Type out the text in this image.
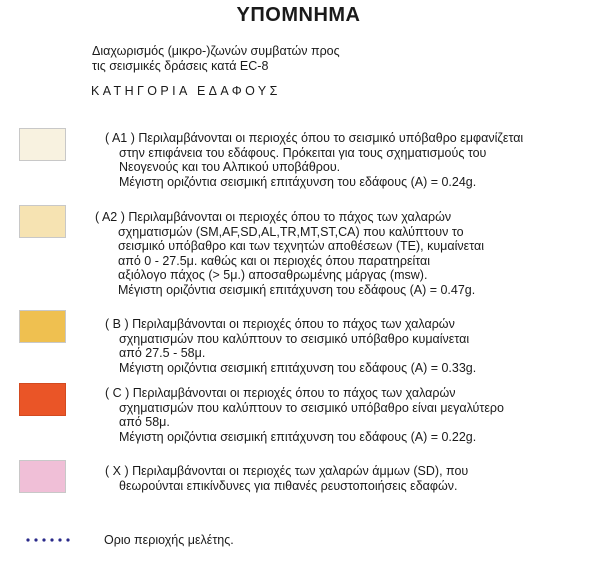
ΥΠΟΜΝΗΜΑ
Διαχωρισμός (μικρο-)ζωνών συμβατών προς
τις σεισμικές δράσεις κατά EC-8
ΚΑΤΗΓΟΡΙΑ ΕΔΑΦΟΥΣ
( Α1 ) Περιλαμβάνονται οι περιοχές όπου το σεισμικό υπόβαθρο εμφανίζεται
στην επιφάνεια του εδάφους. Πρόκειται για τους σχηματισμούς του
Νεογενούς και του Αλπικού υποβάθρου.
Μέγιστη οριζόντια σεισμική επιτάχυνση του εδάφους (Α) = 0.24g.
( Α2 ) Περιλαμβάνονται οι περιοχές όπου το πάχος των χαλαρών
σχηματισμών (SM,AF,SD,AL,TR,MT,ST,CA) που καλύπτουν το
σεισμικό υπόβαθρο και των τεχνητών αποθέσεων (ΤΕ), κυμαίνεται
από 0 - 27.5μ. καθώς και οι περιοχές όπου παρατηρείται
αξιόλογο πάχος (> 5μ.) αποσαθρωμένης μάργας (msw).
Μέγιστη οριζόντια σεισμική επιτάχυνση του εδάφους (Α) = 0.47g.
( Β ) Περιλαμβάνονται οι περιοχές όπου το πάχος των χαλαρών
σχηματισμών που καλύπτουν το σεισμικό υπόβαθρο κυμαίνεται
από 27.5 - 58μ.
Μέγιστη οριζόντια σεισμική επιτάχυνση του εδάφους (Α) = 0.33g.
( C ) Περιλαμβάνονται οι περιοχές όπου το πάχος των χαλαρών
σχηματισμών που καλύπτουν το σεισμικό υπόβαθρο είναι μεγαλύτερο
από 58μ.
Μέγιστη οριζόντια σεισμική επιτάχυνση του εδάφους (Α) = 0.22g.
( Χ ) Περιλαμβάνονται οι περιοχές των χαλαρών άμμων (SD), που
θεωρούνται επικίνδυνες για πιθανές ρευστοποιήσεις εδαφών.
Οριο περιοχής μελέτης.
